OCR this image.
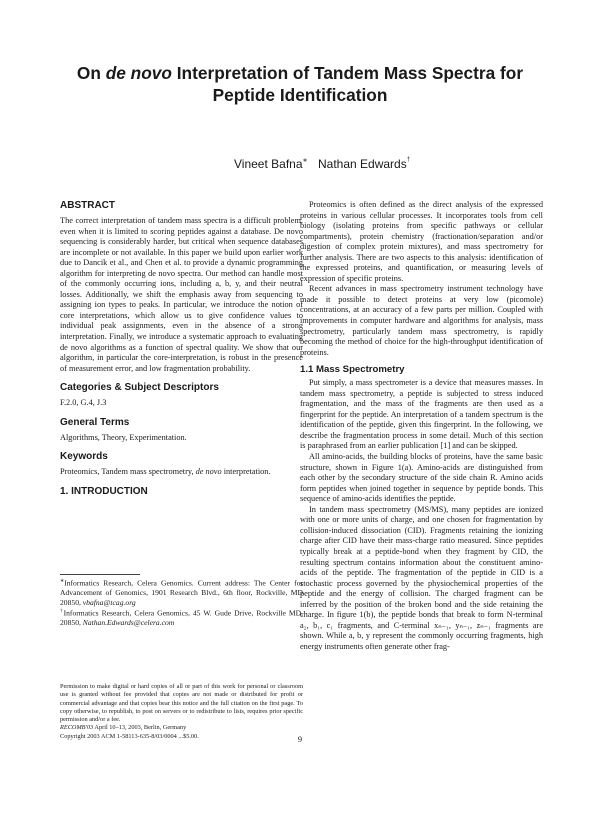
On de novo Interpretation of Tandem Mass Spectra for
Peptide Identification
Vineet Bafna∗ Nathan Edwards†
ABSTRACT

The correct interpretation of tandem mass spectra is a difficult problem, even when it is limited to scoring peptides against a database. De novo sequencing is considerably harder, but critical when sequence databases are incomplete or not available. In this paper we build upon earlier work due to Dancik et al., and Chen et al. to provide a dynamic programming algorithm for interpreting de novo spectra. Our method can handle most of the commonly occurring ions, including a, b, y, and their neutral losses. Additionally, we shift the emphasis away from sequencing to assigning ion types to peaks. In particular, we introduce the notion of core interpretations, which allow us to give confidence values to individual peak assignments, even in the absence of a strong interpretation. Finally, we introduce a systematic approach to evaluating de novo algorithms as a function of spectral quality. We show that our algorithm, in particular the core-interpretation, is robust in the presence of measurement error, and low fragmentation probability.

Categories & Subject Descriptors

F.2.0, G.4, J.3

General Terms

Algorithms, Theory, Experimentation.

Keywords

Proteomics, Tandem mass spectrometry, de novo interpretation.

1. INTRODUCTION
∗Informatics Research, Celera Genomics. Current address: The Center for Advancement of Genomics, 1901 Research Blvd., 6th floor, Rockville, MD 20850, vbafna@tcag.org
†Informatics Research, Celera Genomics, 45 W. Gude Drive, Rockville MD, 20850, Nathan.Edwards@celera.com
Permission to make digital or hard copies of all or part of this work for personal or classroom use is granted without fee provided that copies are not made or distributed for profit or commercial advantage and that copies bear this notice and the full citation on the first page. To copy otherwise, to republish, to post on servers or to redistribute to lists, requires prior specific permission and/or a fee.
RECOMB'03 April 10–13, 2003, Berlin, Germany
Copyright 2003 ACM 1-58113-635-8/03/0004 ...$5.00.

Proteomics is often defined as the direct analysis of the expressed proteins in various cellular processes. It incorporates tools from cell biology (isolating proteins from specific pathways or cellular compartments), protein chemistry (fractionation/separation and/or digestion of complex protein mixtures), and mass spectrometry for further analysis. There are two aspects to this analysis: identification of the expressed proteins, and quantification, or measuring levels of expression of specific proteins.

Recent advances in mass spectrometry instrument technology have made it possible to detect proteins at very low (picomole) concentrations, at an accuracy of a few parts per million. Coupled with improvements in computer hardware and algorithms for analysis, mass spectrometry, particularly tandem mass spectrometry, is rapidly becoming the method of choice for the high-throughput identification of proteins.

1.1 Mass Spectrometry

Put simply, a mass spectrometer is a device that measures masses. In tandem mass spectrometry, a peptide is subjected to stress induced fragmentation, and the mass of the fragments are then used as a fingerprint for the peptide. An interpretation of a tandem spectrum is the identification of the peptide, given this fingerprint. In the following, we describe the fragmentation process in some detail. Much of this section is paraphrased from an earlier publication [1] and can be skipped.

All amino-acids, the building blocks of proteins, have the same basic structure, shown in Figure 1(a). Amino-acids are distinguished from each other by the secondary structure of the side chain R. Amino acids form peptides when joined together in sequence by peptide bonds. This sequence of amino-acids identifies the peptide.

In tandem mass spectrometry (MS/MS), many peptides are ionized with one or more units of charge, and one chosen for fragmentation by collision-induced dissociation (CID). Fragments retaining the ionizing charge after CID have their mass-charge ratio measured. Since peptides typically break at a peptide-bond when they fragment by CID, the resulting spectrum contains information about the constituent amino-acids of the peptide. The fragmentation of the peptide in CID is a stochastic process governed by the physiochemical properties of the peptide and the energy of collision. The charged fragment can be inferred by the position of the broken bond and the side retaining the charge. In figure 1(b), the peptide bonds that break to form N-terminal a₂, b₁, c₁ fragments, and C-terminal xₙ₋₁, yₙ₋₁, zₙ₋₁ fragments are shown. While a, b, y represent the commonly occurring fragments, high energy instruments often generate other frag-

9
